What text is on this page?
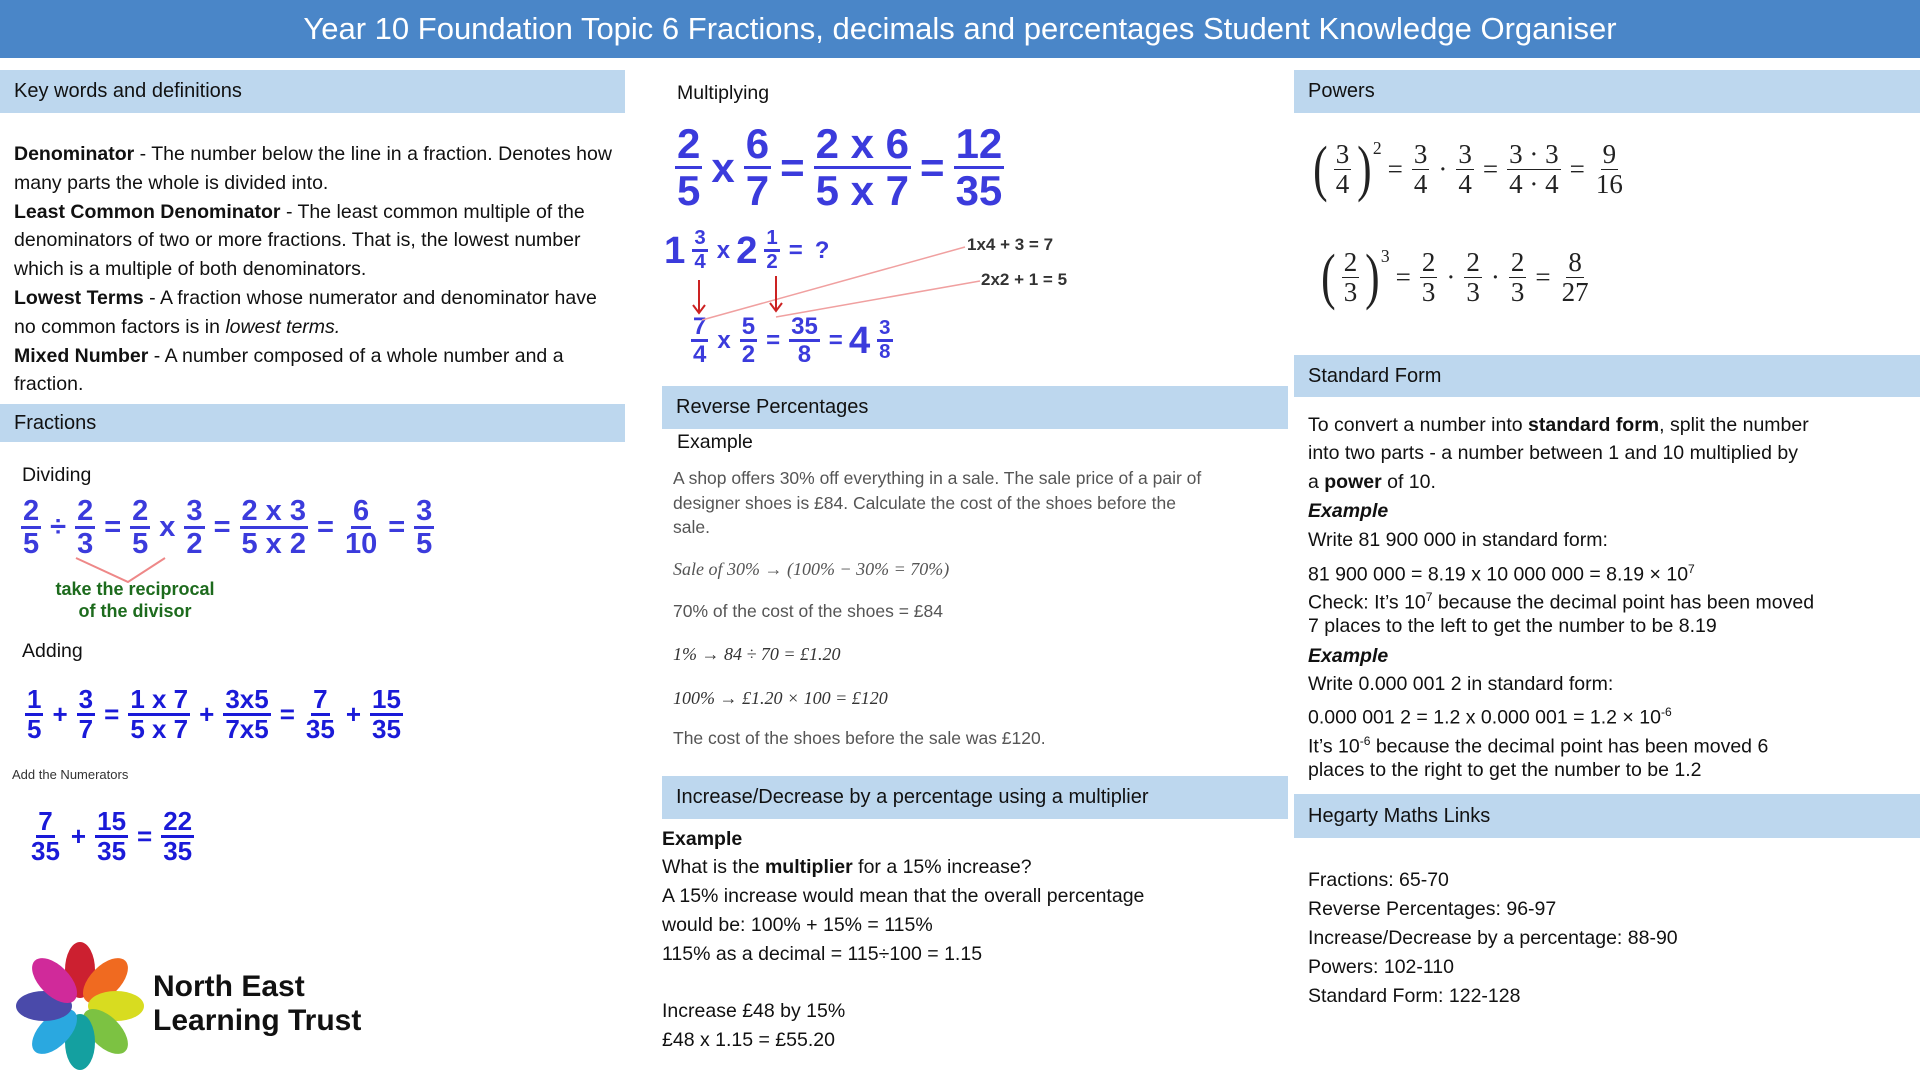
Year 10 Foundation Topic 6 Fractions, decimals and percentages Student Knowledge Organiser
Key words and definitions
Denominator - The number below the line in a fraction. Denotes how many parts the whole is divided into.
Least Common Denominator - The least common multiple of the denominators of two or more fractions. That is, the lowest number which is a multiple of both denominators.
Lowest Terms - A fraction whose numerator and denominator have no common factors is in lowest terms.
Mixed Number - A number composed of a whole number and a fraction.
Fractions
Dividing
$\frac{2}{5} \div \frac{2}{3} = \frac{2}{5}$ x $\frac{3}{2} = \frac{2 x 3}{5 x 2} = \frac{6}{10} = \frac{3}{5}$
take the reciprocal
of the divisor
Adding
$\frac{1}{5} + \frac{3}{7} = \frac{1 x 7}{5 x 7} + \frac{3x5}{7x5} = \frac{7}{35} + \frac{15}{35}$
Add the Numerators
$\frac{7}{35} + \frac{15}{35} = \frac{22}{35}$
North East
Learning Trust
Multiplying
$\frac{2}{5}$ x $\frac{6}{7} = \frac{2 x 6}{5 x 7} = \frac{12}{35}$
$1 \frac{3}{4}$ x $2 \frac{1}{2}$ = ?
$\frac{7}{4}$ x $\frac{5}{2} = \frac{35}{8} = 4 \frac{3}{8}$
1x4 + 3 = 7
2x2 + 1 = 5
Reverse Percentages
Example
A shop offers 30% off everything in a sale. The sale price of a pair of designer shoes is £84. Calculate the cost of the shoes before the sale.
Sale of 30% → (100% − 30% = 70%)
70% of the cost of the shoes = £84
1% → 84 ÷ 70 = £1.20
100% → £1.20 × 100 = £120
The cost of the shoes before the sale was £120.
Increase/Decrease by a percentage using a multiplier
Example
What is the multiplier for a 15% increase?
A 15% increase would mean that the overall percentage
would be: 100% + 15% = 115%
115% as a decimal = 115÷100 = 1.15
Increase £48 by 15%
£48 x 1.15 = £55.20
Powers
( $\frac{3}{4}$ ) 2
= $\frac{3}{4} \cdot \frac{3}{4} = \frac{3 \cdot 3}{4 \cdot 4} = \frac{9}{16}$
( $\frac{2}{3}$ ) 3
= $\frac{2}{3} \cdot \frac{2}{3} \cdot \frac{2}{3} = \frac{8}{27}$
Standard Form
To convert a number into standard form, split the number
into two parts - a number between 1 and 10 multiplied by
a power of 10.
Example
Write 81 900 000 in standard form:
81 900 000 = 8.19 x 10 000 $000 = 8.19 \times 10^7$
Check: It’s $10^7$ because the decimal point has been moved
7 places to the left to get the number to be 8.19
Example
Write 0.000 001 2 in standard form:
0.000 001 2 = 1.2 x 0.000 $001 = 1.2 \times 10^{-6}$
It’s $10^{-6}$ because the decimal point has been moved 6
places to the right to get the number to be 1.2
Hegarty Maths Links
Fractions: 65-70
Reverse Percentages: 96-97
Increase/Decrease by a percentage: 88-90
Powers: 102-110
Standard Form: 122-128
